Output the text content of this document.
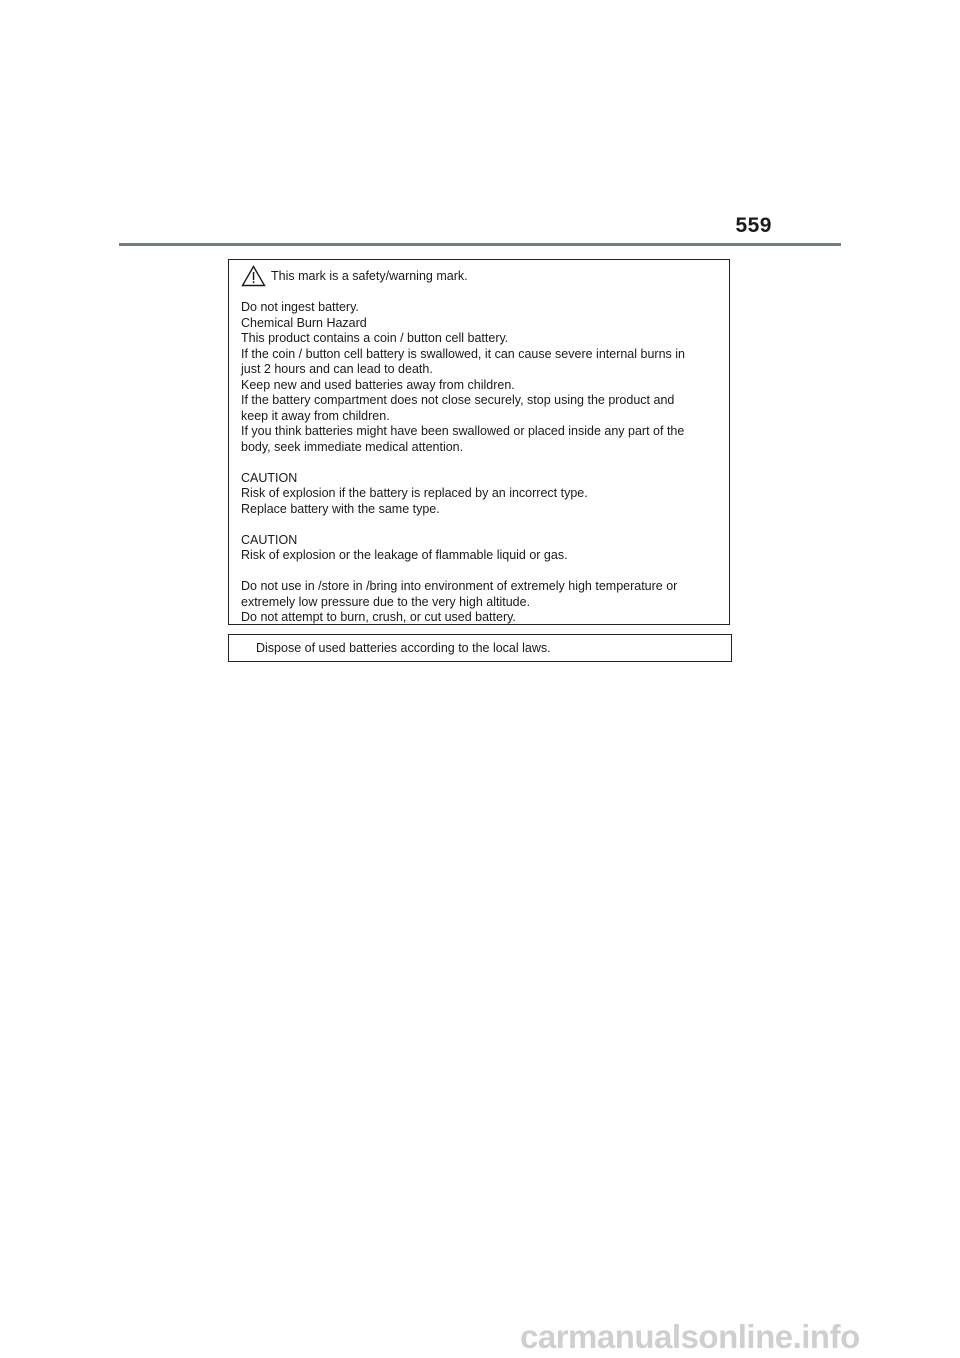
559
This mark is a safety/warning mark.

Do not ingest battery.
Chemical Burn Hazard
This product contains a coin / button cell battery.
If the coin / button cell battery is swallowed, it can cause severe internal burns in
just 2 hours and can lead to death.
Keep new and used batteries away from children.
If the battery compartment does not close securely, stop using the product and
keep it away from children.
If you think batteries might have been swallowed or placed inside any part of the
body, seek immediate medical attention.

CAUTION
Risk of explosion if the battery is replaced by an incorrect type.
Replace battery with the same type.

CAUTION
Risk of explosion or the leakage of flammable liquid or gas.

Do not use in /store in /bring into environment of extremely high temperature or
extremely low pressure due to the very high altitude.
Do not attempt to burn, crush, or cut used battery.

Dispose of used batteries according to the local laws.
carmanualsonline.info
